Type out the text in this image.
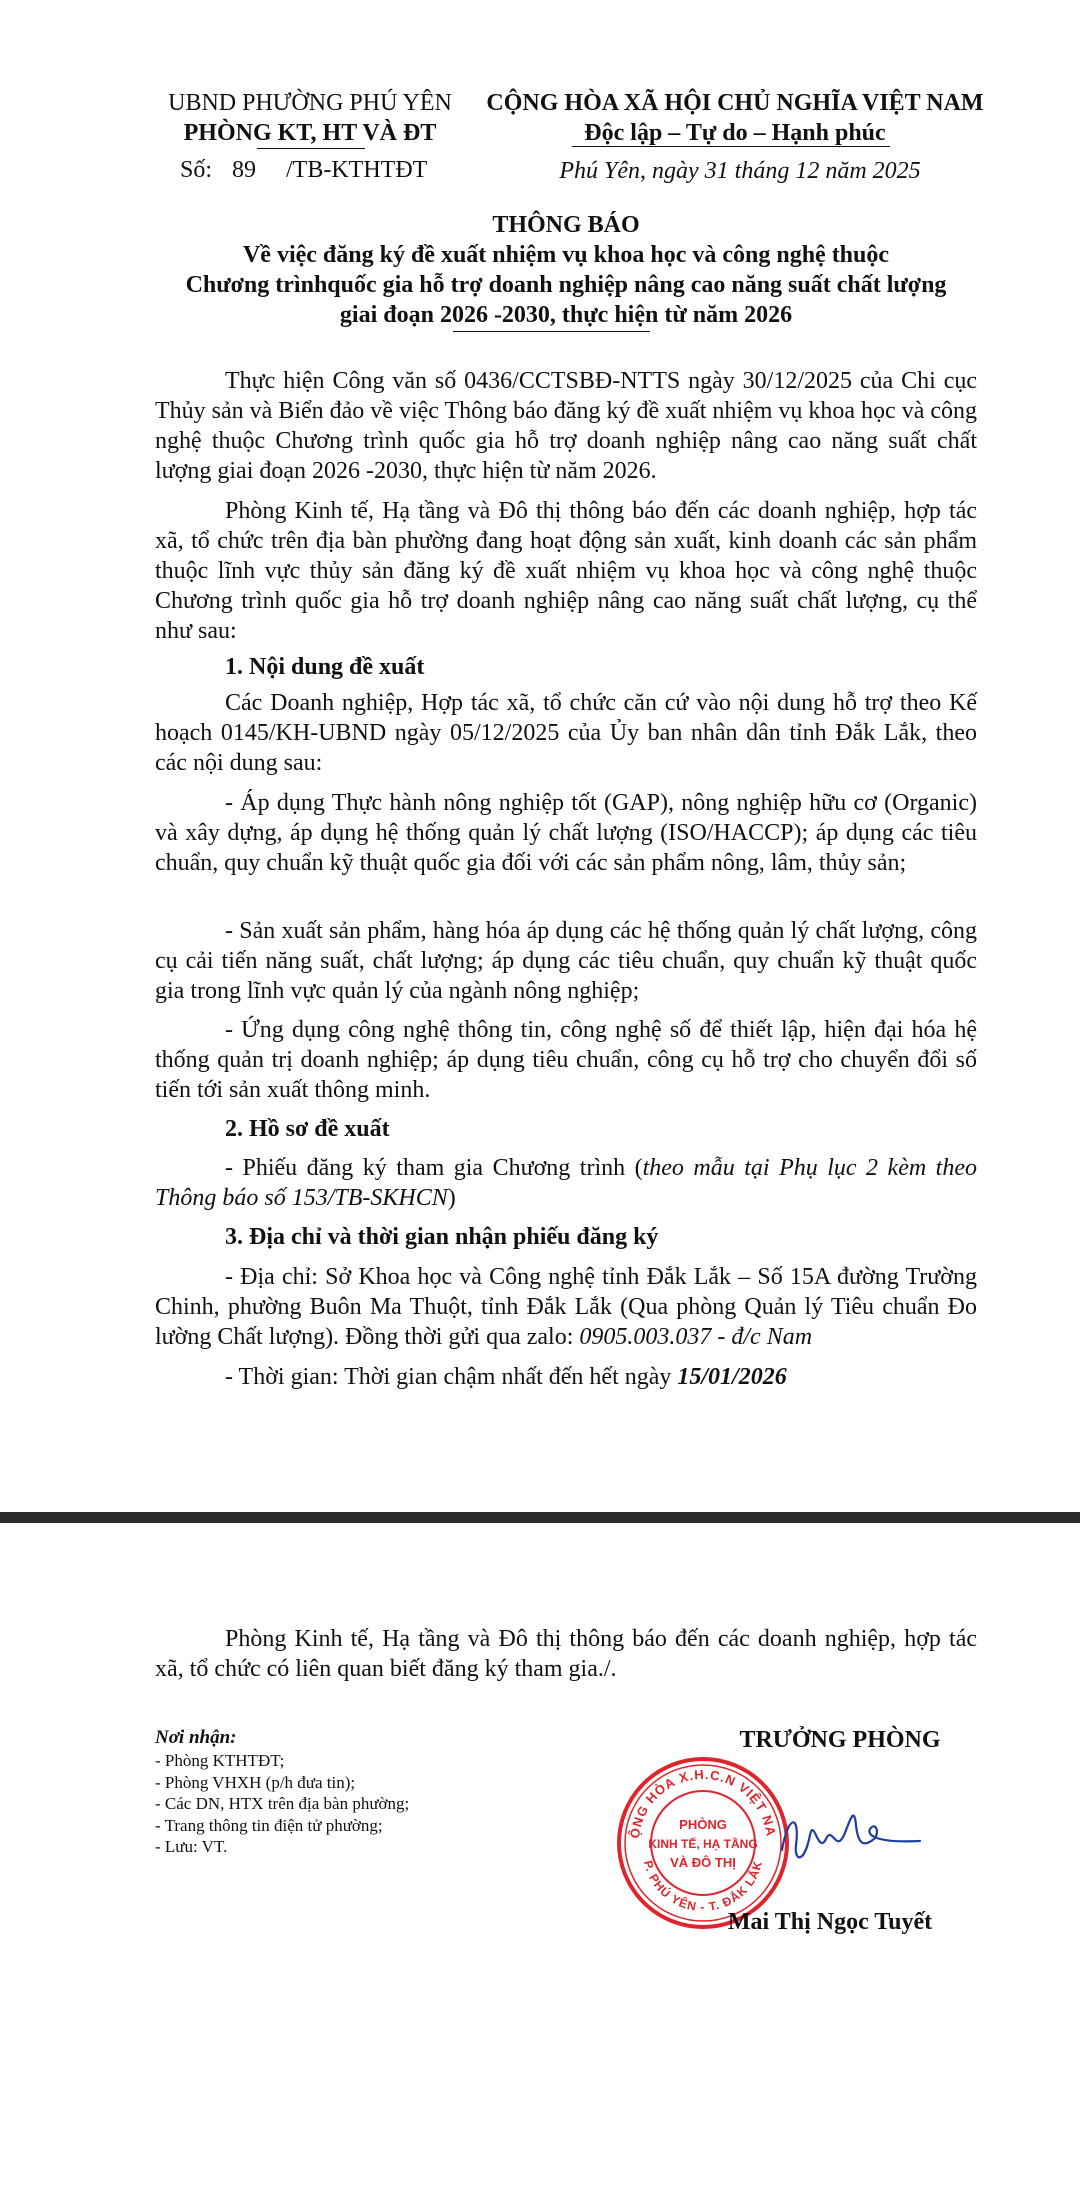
UBND PHƯỜNG PHÚ YÊN
PHÒNG KT, HT VÀ ĐT
Số: 89 /TB-KTHTĐT
CỘNG HÒA XÃ HỘI CHỦ NGHĨA VIỆT NAM
Độc lập – Tự do – Hạnh phúc
Phú Yên, ngày 31 tháng 12 năm 2025
THÔNG BÁO
Về việc đăng ký đề xuất nhiệm vụ khoa học và công nghệ thuộc
Chương trìnhquốc gia hỗ trợ doanh nghiệp nâng cao năng suất chất lượng
giai đoạn 2026 -2030, thực hiện từ năm 2026
Thực hiện Công văn số 0436/CCTSBĐ-NTTS ngày 30/12/2025 của Chi cục Thủy sản và Biển đảo về việc Thông báo đăng ký đề xuất nhiệm vụ khoa học và công nghệ thuộc Chương trình quốc gia hỗ trợ doanh nghiệp nâng cao năng suất chất lượng giai đoạn 2026 -2030, thực hiện từ năm 2026.
Phòng Kinh tế, Hạ tầng và Đô thị thông báo đến các doanh nghiệp, hợp tác xã, tổ chức trên địa bàn phường đang hoạt động sản xuất, kinh doanh các sản phẩm thuộc lĩnh vực thủy sản đăng ký đề xuất nhiệm vụ khoa học và công nghệ thuộc Chương trình quốc gia hỗ trợ doanh nghiệp nâng cao năng suất chất lượng, cụ thể như sau:
1. Nội dung đề xuất
Các Doanh nghiệp, Hợp tác xã, tổ chức căn cứ vào nội dung hỗ trợ theo Kế hoạch 0145/KH-UBND ngày 05/12/2025 của Ủy ban nhân dân tỉnh Đắk Lắk, theo các nội dung sau:
- Áp dụng Thực hành nông nghiệp tốt (GAP), nông nghiệp hữu cơ (Organic) và xây dựng, áp dụng hệ thống quản lý chất lượng (ISO/HACCP); áp dụng các tiêu chuẩn, quy chuẩn kỹ thuật quốc gia đối với các sản phẩm nông, lâm, thủy sản;
- Sản xuất sản phẩm, hàng hóa áp dụng các hệ thống quản lý chất lượng, công cụ cải tiến năng suất, chất lượng; áp dụng các tiêu chuẩn, quy chuẩn kỹ thuật quốc gia trong lĩnh vực quản lý của ngành nông nghiệp;
- Ứng dụng công nghệ thông tin, công nghệ số để thiết lập, hiện đại hóa hệ thống quản trị doanh nghiệp; áp dụng tiêu chuẩn, công cụ hỗ trợ cho chuyển đổi số tiến tới sản xuất thông minh.
2. Hồ sơ đề xuất
- Phiếu đăng ký tham gia Chương trình (theo mẫu tại Phụ lục 2 kèm theo Thông báo số 153/TB-SKHCN)
3. Địa chỉ và thời gian nhận phiếu đăng ký
- Địa chỉ: Sở Khoa học và Công nghệ tỉnh Đắk Lắk – Số 15A đường Trường Chinh, phường Buôn Ma Thuột, tỉnh Đắk Lắk (Qua phòng Quản lý Tiêu chuẩn Đo lường Chất lượng). Đồng thời gửi qua zalo: 0905.003.037 - đ/c Nam
- Thời gian: Thời gian chậm nhất đến hết ngày 15/01/2026
Phòng Kinh tế, Hạ tầng và Đô thị thông báo đến các doanh nghiệp, hợp tác xã, tổ chức có liên quan biết đăng ký tham gia./.
Nơi nhận:
- Phòng KTHTĐT;
- Phòng VHXH (p/h đưa tin);
- Các DN, HTX trên địa bàn phường;
- Trang thông tin điện tử phường;
- Lưu: VT.
TRƯỞNG PHÒNG
ỘNG HÒA X.H.C.N VIỆT NA
P. PHÚ YÊN - T. ĐẮK LẮK
PHÒNG
KINH TẾ, HẠ TẦNG
VÀ ĐÔ THỊ
Mai Thị Ngọc Tuyết
